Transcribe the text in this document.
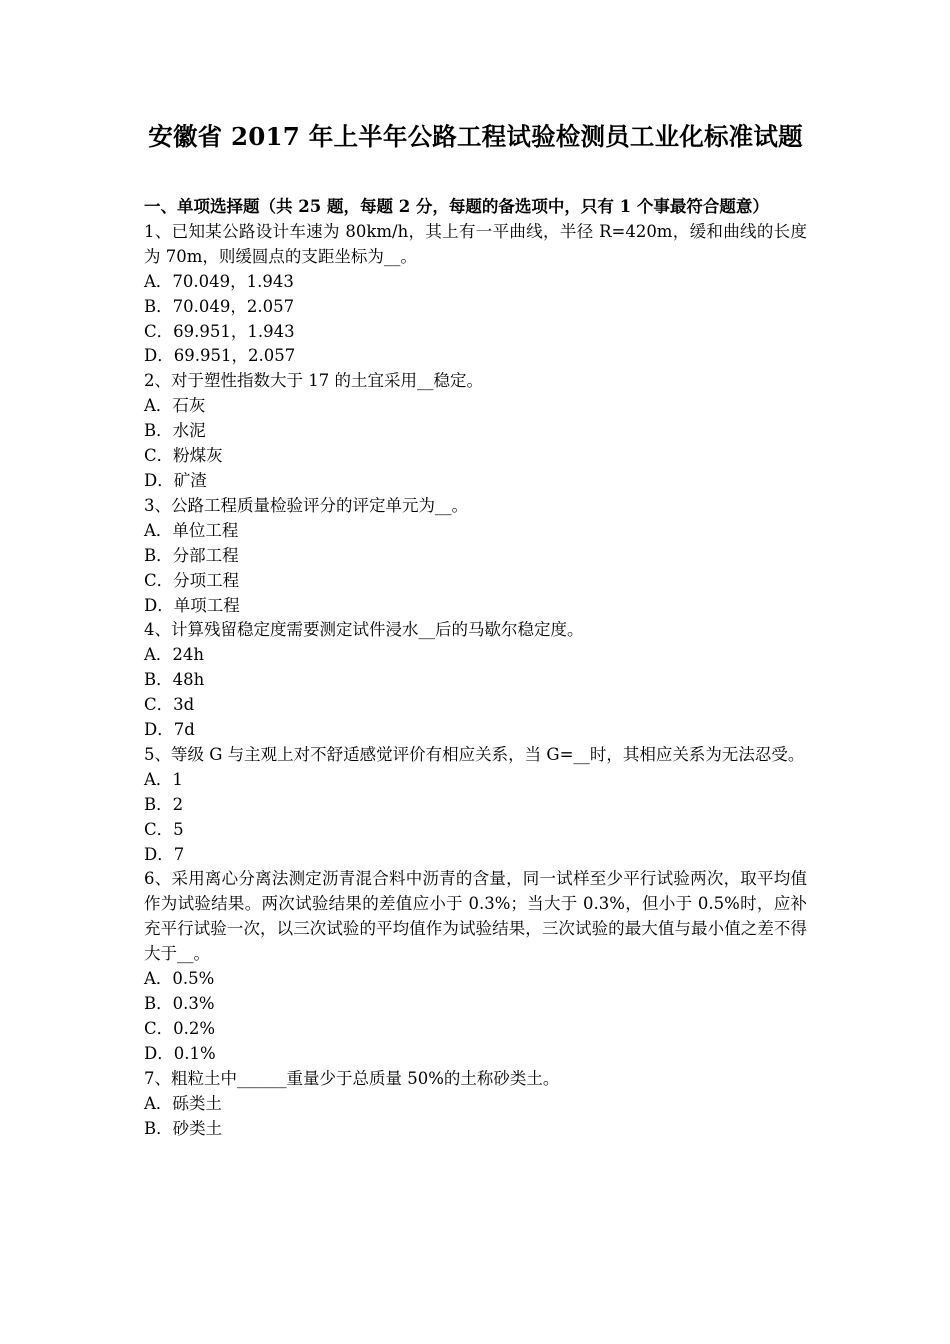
安徽省 2017 年上半年公路工程试验检测员工业化标准试题

一、单项选择题（共 25 题，每题 2 分，每题的备选项中，只有 1 个事最符合题意）

1、已知某公路设计车速为 80km/h，其上有一平曲线，半径 R=420m，缓和曲线的长度为 70m，则缓圆点的支距坐标为__。

A．70.049，1.943

B．70.049，2.057

C．69.951，1.943

D．69.951，2.057

2、对于塑性指数大于 17 的土宜采用__稳定。

A．石灰

B．水泥

C．粉煤灰

D．矿渣

3、公路工程质量检验评分的评定单元为__。

A．单位工程

B．分部工程

C．分项工程

D．单项工程

4、计算残留稳定度需要测定试件浸水__后的马歇尔稳定度。

A．24h

B．48h

C．3d

D．7d

5、等级 G 与主观上对不舒适感觉评价有相应关系，当 G=__时，其相应关系为无法忍受。

A．1

B．2

C．5

D．7

6、采用离心分离法测定沥青混合料中沥青的含量，同一试样至少平行试验两次，取平均值作为试验结果。两次试验结果的差值应小于 0.3%；当大于 0.3%，但小于 0.5%时，应补充平行试验一次，以三次试验的平均值作为试验结果，三次试验的最大值与最小值之差不得大于__。

A．0.5%

B．0.3%

C．0.2%

D．0.1%

7、粗粒土中______重量少于总质量 50%的土称砂类土。

A．砾类土

B．砂类土
